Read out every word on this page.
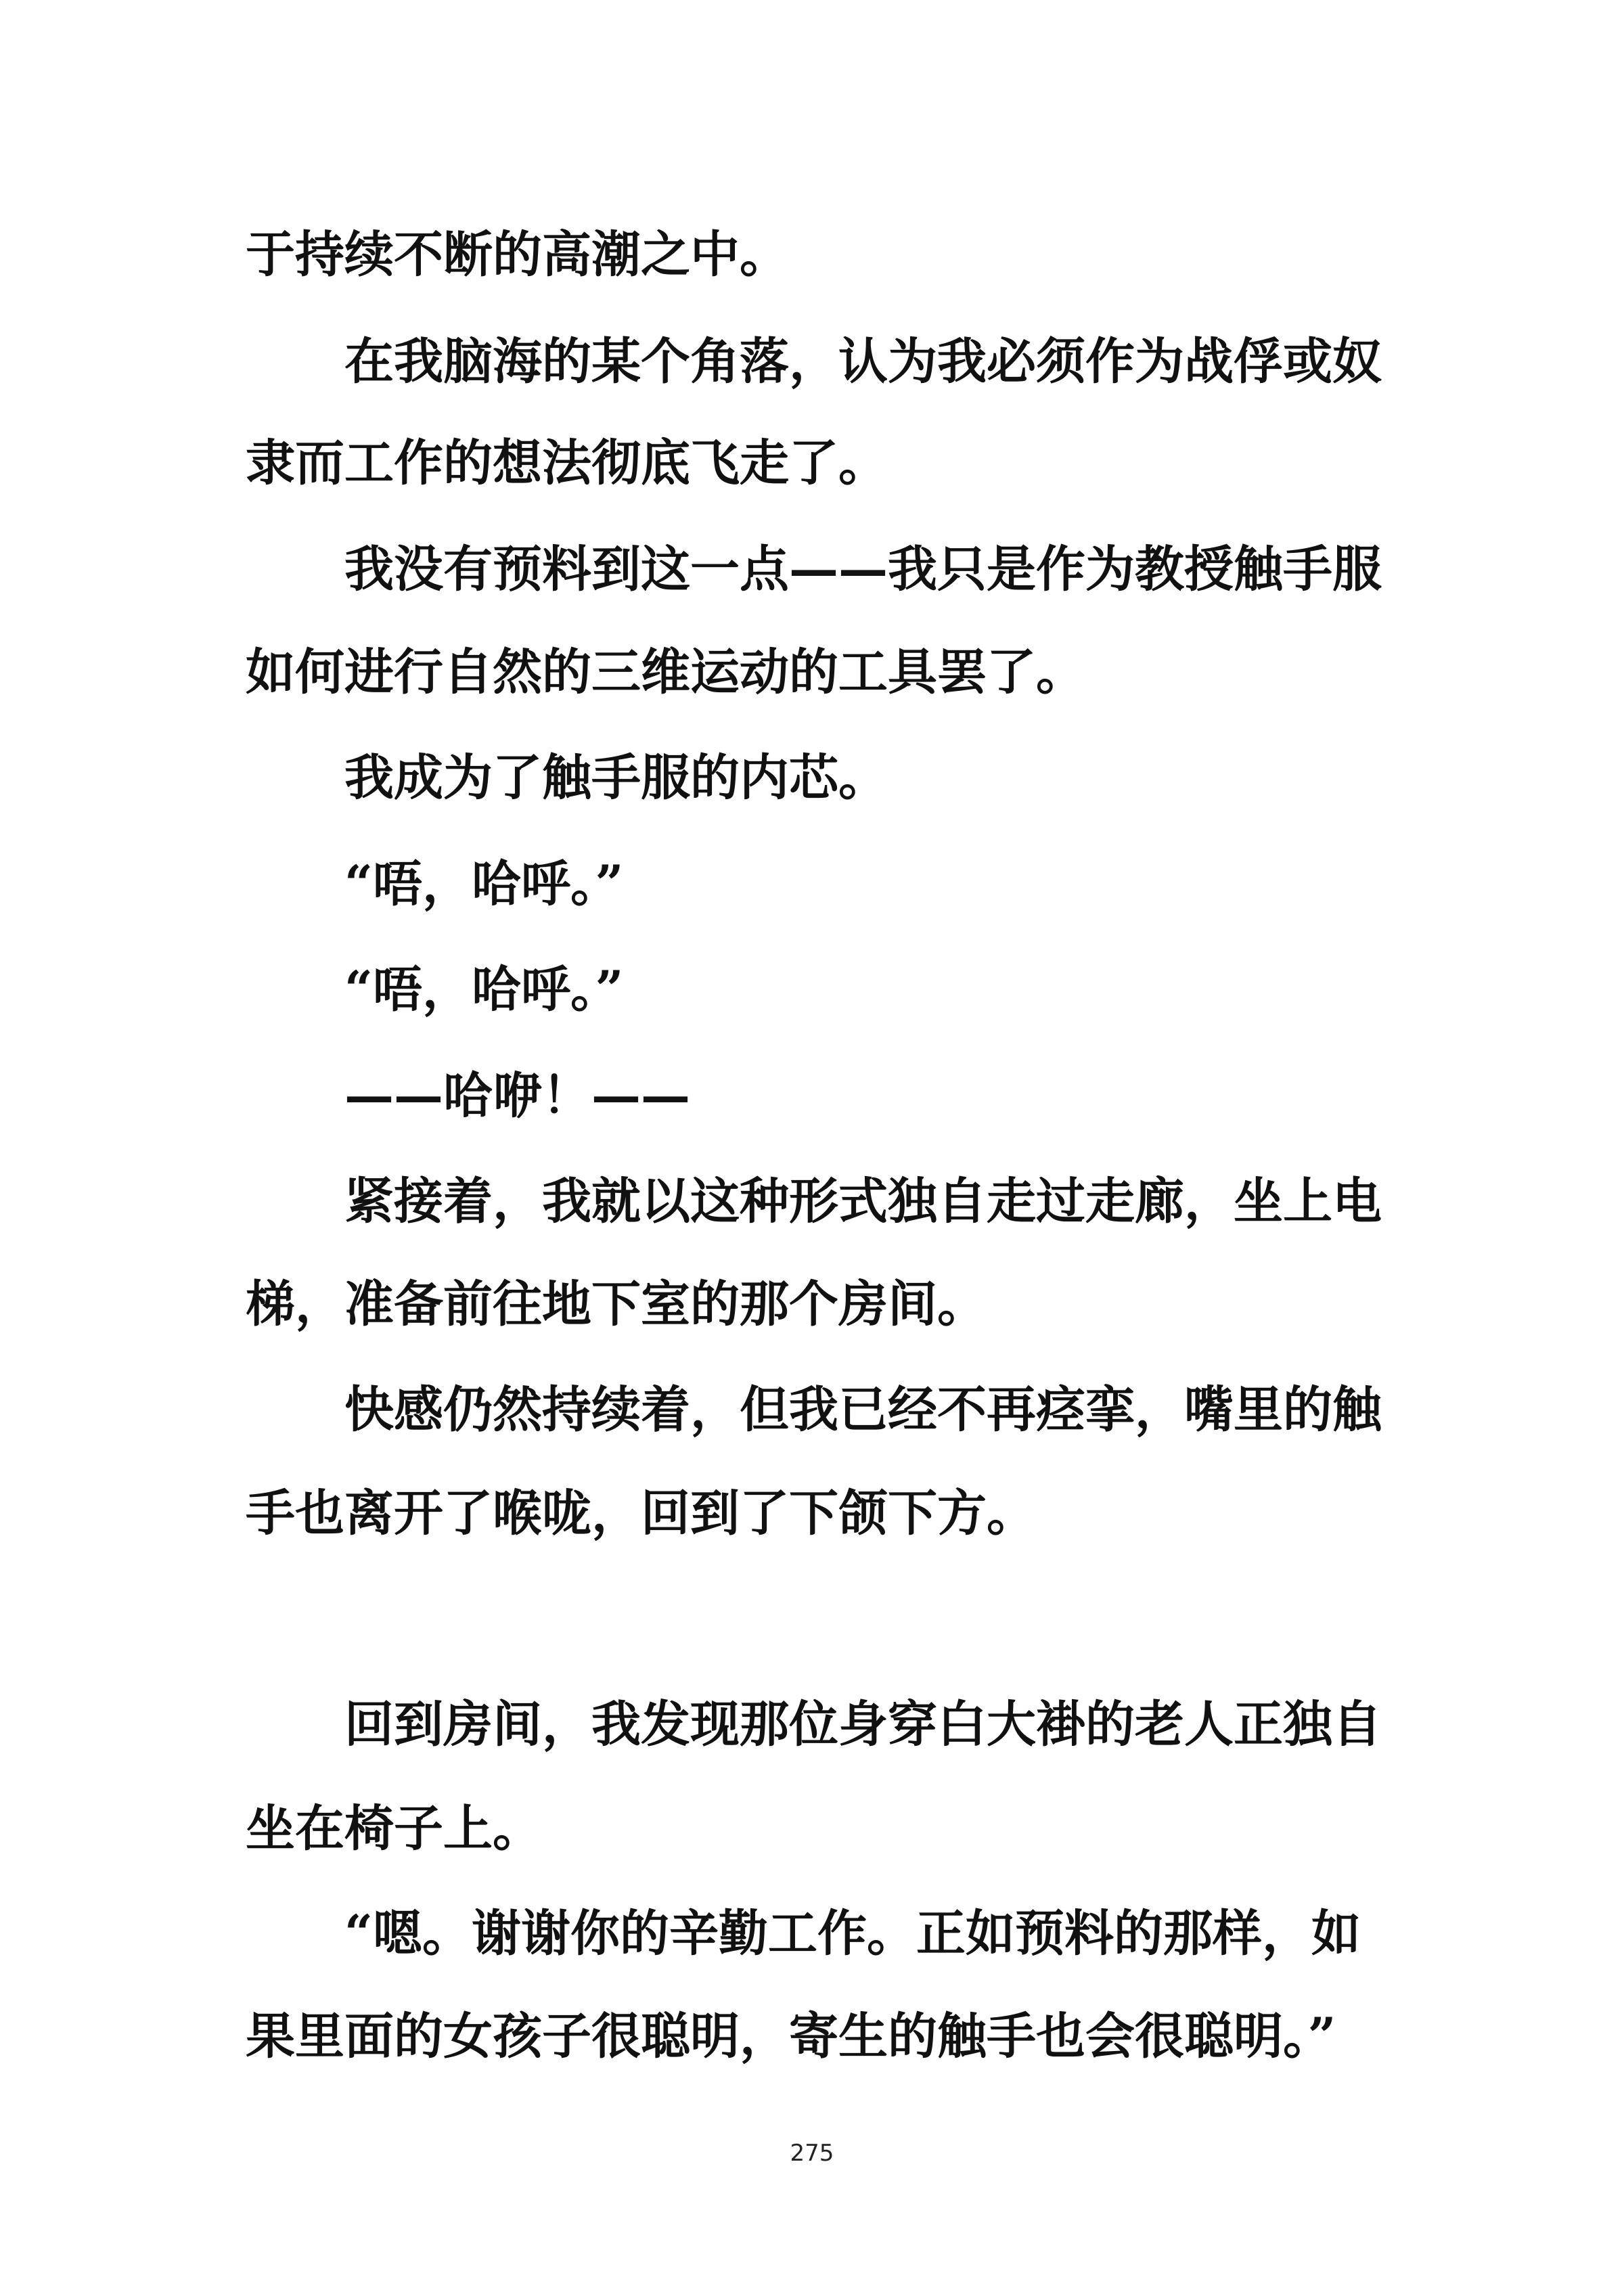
于持续不断的高潮之中。

在我脑海的某个角落，认为我必须作为战俘或奴

隶而工作的想法彻底飞走了。

我没有预料到这一点——我只是作为教授触手服

如何进行自然的三维运动的工具罢了。

我成为了触手服的内芯。

“唔，哈呼。”

“唔，哈呼。”

——哈咿！——

紧接着，我就以这种形式独自走过走廊，坐上电

梯，准备前往地下室的那个房间。

快感仍然持续着，但我已经不再痉挛，嘴里的触

手也离开了喉咙，回到了下颌下方。

回到房间，我发现那位身穿白大褂的老人正独自

坐在椅子上。

“嗯。谢谢你的辛勤工作。正如预料的那样，如

果里面的女孩子很聪明，寄生的触手也会很聪明。”

275
